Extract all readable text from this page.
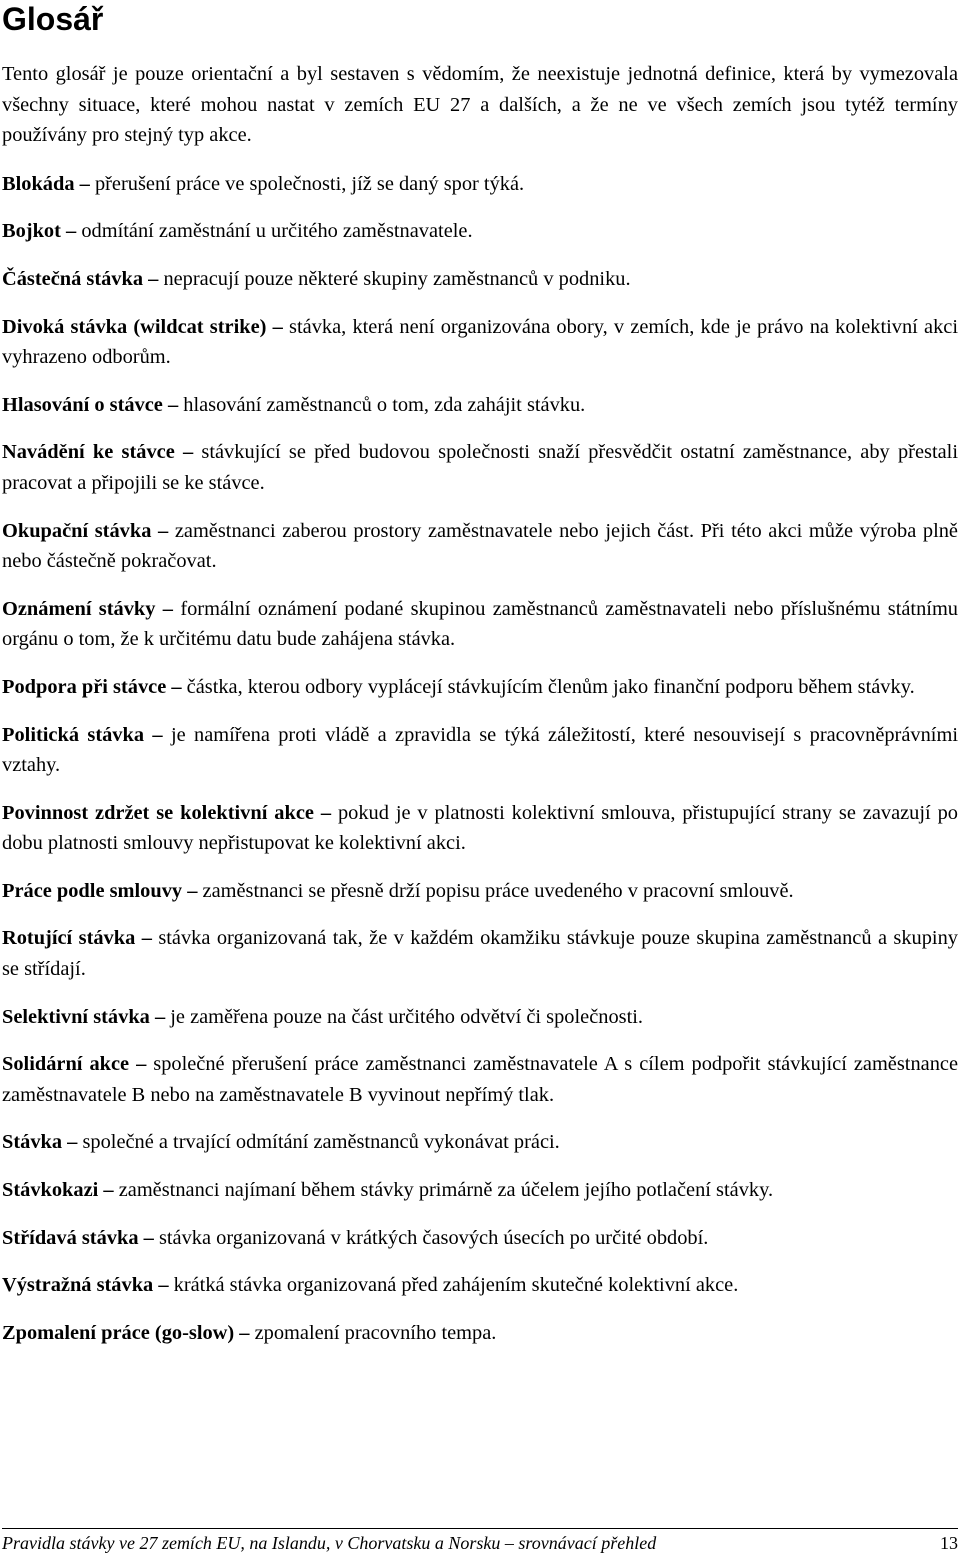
Glosář

Tento glosář je pouze orientační a byl sestaven s vědomím, že neexistuje jednotná definice, která by vymezovala všechny situace, které mohou nastat v zemích EU 27 a dalších, a že ne ve všech zemích jsou tytéž termíny používány pro stejný typ akce.

Blokáda – přerušení práce ve společnosti, jíž se daný spor týká.

Bojkot – odmítání zaměstnání u určitého zaměstnavatele.

Částečná stávka – nepracují pouze některé skupiny zaměstnanců v podniku.

Divoká stávka (wildcat strike) – stávka, která není organizována obory, v zemích, kde je právo na kolektivní akci vyhrazeno odborům.

Hlasování o stávce – hlasování zaměstnanců o tom, zda zahájit stávku.

Navádění ke stávce – stávkující se před budovou společnosti snaží přesvědčit ostatní zaměstnance, aby přestali pracovat a připojili se ke stávce.

Okupační stávka – zaměstnanci zaberou prostory zaměstnavatele nebo jejich část. Při této akci může výroba plně nebo částečně pokračovat.

Oznámení stávky – formální oznámení podané skupinou zaměstnanců zaměstnavateli nebo příslušnému státnímu orgánu o tom, že k určitému datu bude zahájena stávka.

Podpora při stávce – částka, kterou odbory vyplácejí stávkujícím členům jako finanční podporu během stávky.

Politická stávka – je namířena proti vládě a zpravidla se týká záležitostí, které nesouvisejí s pracovněprávními vztahy.

Povinnost zdržet se kolektivní akce – pokud je v platnosti kolektivní smlouva, přistupující strany se zavazují po dobu platnosti smlouvy nepřistupovat ke kolektivní akci.

Práce podle smlouvy – zaměstnanci se přesně drží popisu práce uvedeného v pracovní smlouvě.

Rotující stávka – stávka organizovaná tak, že v každém okamžiku stávkuje pouze skupina zaměstnanců a skupiny se střídají.

Selektivní stávka – je zaměřena pouze na část určitého odvětví či společnosti.

Solidární akce – společné přerušení práce zaměstnanci zaměstnavatele A s cílem podpořit stávkující zaměstnance zaměstnavatele B nebo na zaměstnavatele B vyvinout nepřímý tlak.

Stávka – společné a trvající odmítání zaměstnanců vykonávat práci.

Stávkokazi – zaměstnanci najímaní během stávky primárně za účelem jejího potlačení stávky.

Střídavá stávka – stávka organizovaná v krátkých časových úsecích po určité období.

Výstražná stávka – krátká stávka organizovaná před zahájením skutečné kolektivní akce.

Zpomalení práce (go-slow) – zpomalení pracovního tempa.

Pravidla stávky ve 27 zemích EU, na Islandu, v Chorvatsku a Norsku – srovnávací přehled	13
